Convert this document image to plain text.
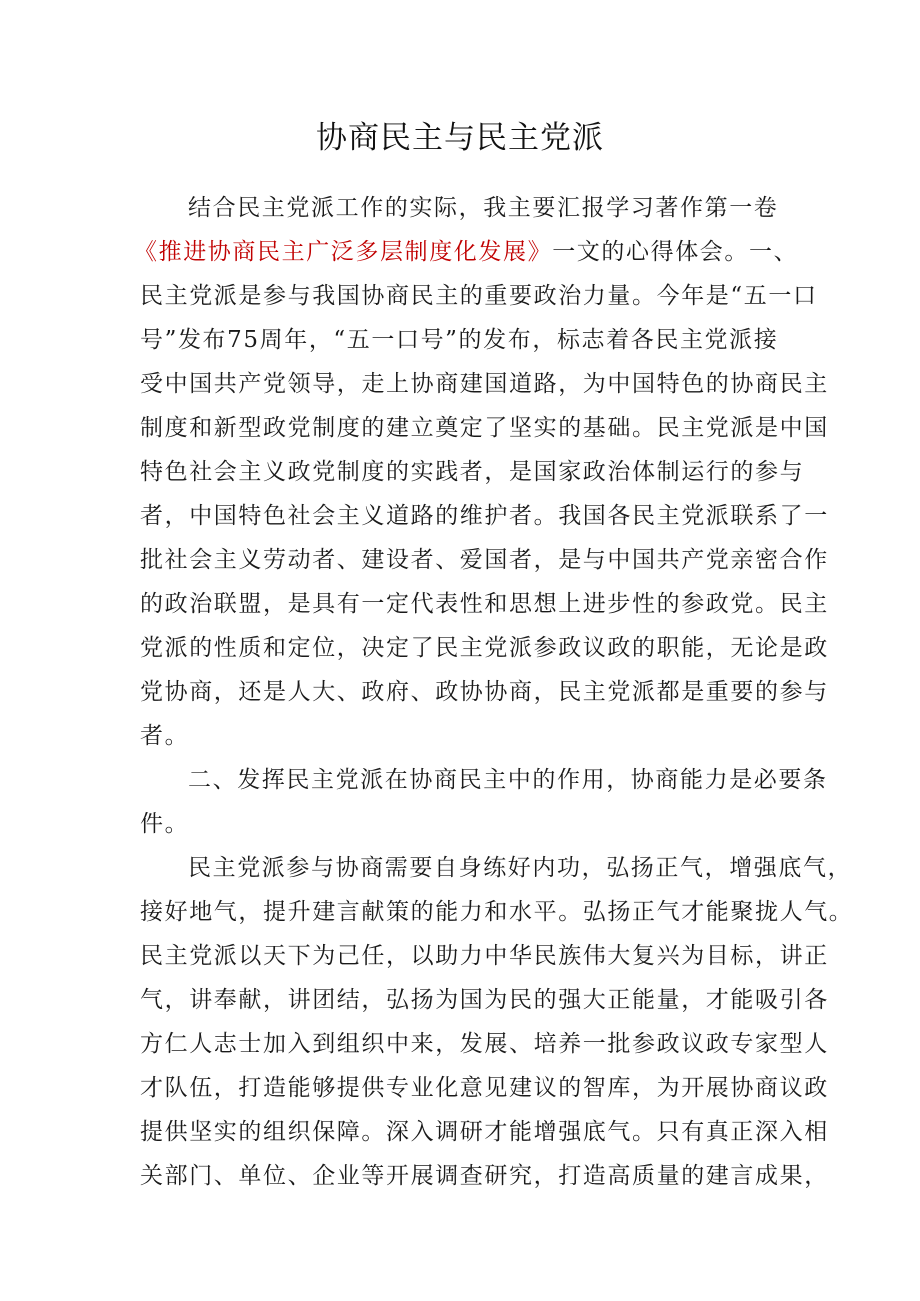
协商民主与民主党派
结合民主党派工作的实际，我主要汇报学习著作第一卷
《推进协商民主广泛多层制度化发展》一文的心得体会。一、
民主党派是参与我国协商民主的重要政治力量。今年是“五一口
号”发布75周年，“五一口号”的发布，标志着各民主党派接
受中国共产党领导，走上协商建国道路，为中国特色的协商民主
制度和新型政党制度的建立奠定了坚实的基础。民主党派是中国
特色社会主义政党制度的实践者，是国家政治体制运行的参与
者，中国特色社会主义道路的维护者。我国各民主党派联系了一
批社会主义劳动者、建设者、爱国者，是与中国共产党亲密合作
的政治联盟，是具有一定代表性和思想上进步性的参政党。民主
党派的性质和定位，决定了民主党派参政议政的职能，无论是政
党协商，还是人大、政府、政协协商，民主党派都是重要的参与
者。
二、发挥民主党派在协商民主中的作用，协商能力是必要条
件。
民主党派参与协商需要自身练好内功，弘扬正气，增强底气，
接好地气，提升建言献策的能力和水平。弘扬正气才能聚拢人气。
民主党派以天下为己任，以助力中华民族伟大复兴为目标，讲正
气，讲奉献，讲团结，弘扬为国为民的强大正能量，才能吸引各
方仁人志士加入到组织中来，发展、培养一批参政议政专家型人
才队伍，打造能够提供专业化意见建议的智库，为开展协商议政
提供坚实的组织保障。深入调研才能增强底气。只有真正深入相
关部门、单位、企业等开展调查研究，打造高质量的建言成果，
